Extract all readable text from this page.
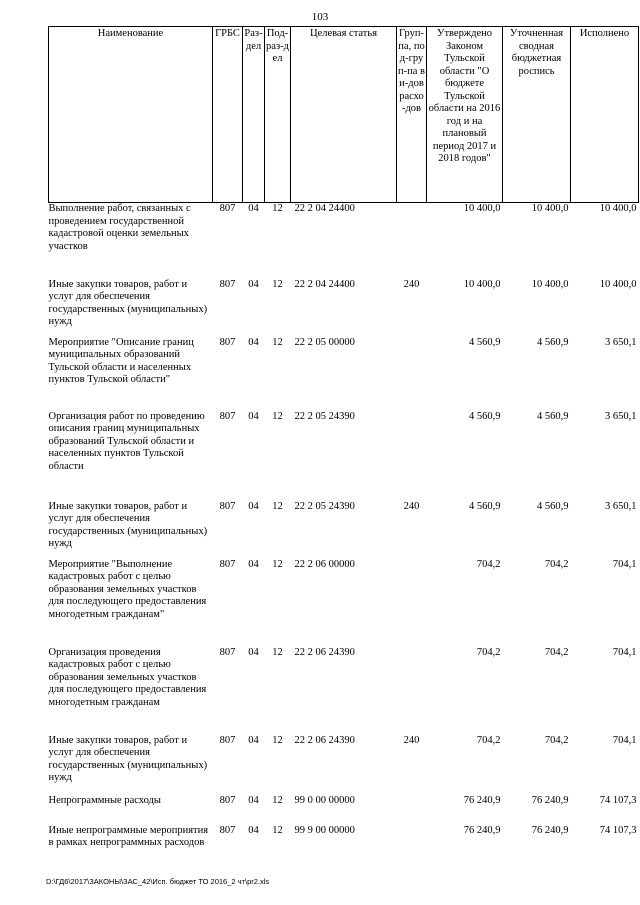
103
Наименование	ГРБС	Раз-дел	Под-раз-дел	Целевая статья	Груп-па, под-груп-па ви-дов расхо-дов	Утверждено Законом Тульской области "О бюджете Тульской области на 2016 год и на плановый период 2017 и 2018 годов"	Уточненная сводная бюджетная роспись	Исполнено
Выполнение работ, связанных с проведением государственной кадастровой оценки земельных участков	807	04	12	22 2 04 24400		10 400,0	10 400,0	10 400,0
Иные закупки товаров, работ и услуг для обеспечения государственных (муниципальных) нужд	807	04	12	22 2 04 24400	240	10 400,0	10 400,0	10 400,0
Мероприятие "Описание границ муниципальных образований Тульской области и населенных пунктов Тульской области"	807	04	12	22 2 05 00000		4 560,9	4 560,9	3 650,1
Организация работ по проведению описания границ муниципальных образований Тульской области и населенных пунктов Тульской области	807	04	12	22 2 05 24390		4 560,9	4 560,9	3 650,1
Иные закупки товаров, работ и услуг для обеспечения государственных (муниципальных) нужд	807	04	12	22 2 05 24390	240	4 560,9	4 560,9	3 650,1
Мероприятие "Выполнение кадастровых работ с целью образования земельных участков для последующего предоставления многодетным гражданам"	807	04	12	22 2 06 00000		704,2	704,2	704,1
Организация проведения кадастровых работ с целью образования земельных участков для последующего предоставления многодетным гражданам	807	04	12	22 2 06 24390		704,2	704,2	704,1
Иные закупки товаров, работ и услуг для обеспечения государственных (муниципальных) нужд	807	04	12	22 2 06 24390	240	704,2	704,2	704,1
Непрограммные расходы	807	04	12	99 0 00 00000		76 240,9	76 240,9	74 107,3
Иные непрограммные мероприятия в рамках непрограммных расходов	807	04	12	99 9 00 00000		76 240,9	76 240,9	74 107,3
D:\ГД6\2017\ЗАКОНЫ\ЗАС_42\Исп. бюджет ТО 2016_2 чт\pr2.xls
